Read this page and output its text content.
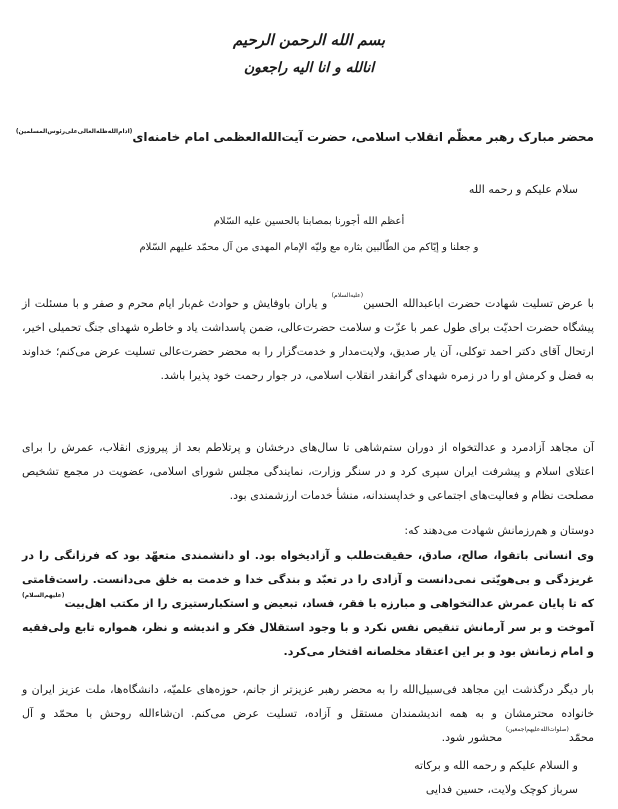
بسم الله الرحمن الرحیم
انالله و انا الیه راجعون
محضر مبارک رهبر معظّم انقلاب اسلامی، حضرت آیت‌الله‌العظمی امام خامنه‌ای$^{(ادام‌الله‌ظله‌العالی‌علی‌رئوس‌المسلمین)}$
سلام علیکم و رحمه الله
أعظم الله أجورنا بمصابنا بالحسین علیه السّلام
و جعلنا و إیّاکم من الطّالبین بثاره مع ولیّه الإمام المهدی من آل محمّد علیهم السّلام
با عرض تسلیت شهادت حضرت اباعبدالله الحسین$^{(علیه‌السلام)}$ و یاران باوفایش و حوادث غم‌بار ایام محرم و صفر و با مسئلت از پیشگاه حضرت احدیّت برای طول عمر با عزّت و سلامت حضرت‌عالی، ضمن پاسداشت یاد و خاطره شهدای جنگ تحمیلی اخیر، ارتحال آقای دکتر احمد توکلی، آن یار صدیق، ولایت‌مدار و خدمت‌گزار را به محضر حضرت‌عالی تسلیت عرض می‌کنم؛ خداوند به فضل و کرمش او را در زمره شهدای گرانقدر انقلاب اسلامی، در جوار رحمت خود پذیرا باشد.
آن مجاهد آزادمرد و عدالتخواه از دوران ستم‌شاهی تا سال‌های درخشان و پرتلاطم بعد از پیروزی انقلاب، عمرش را برای اعتلای اسلام و پیشرفت ایران سپری کرد و در سنگر وزارت، نمایندگی مجلس شورای اسلامی، عضویت در مجمع تشخیص مصلحت نظام و فعالیت‌های اجتماعی و خداپسندانه، منشأ خدمات ارزشمندی بود.
دوستان و هم‌رزمانش شهادت می‌دهند که:
وی انسانی باتقوا، صالح، صادق، حقیقت‌طلب و آزادیخواه بود. او دانشمندی متعهّد بود که فرزانگی را در غریزدگی و بی‌هویّتی نمی‌دانست و آزادی را در تعبّد و بندگی خدا و خدمت به خلق می‌دانست. راست‌قامتی که تا پایان عمرش عدالتخواهی و مبارزه با فقر، فساد، تبعیض و استکبارستیزی را از مکتب اهل‌بیت$^{(علیهم‌السلام)}$ آموخت و بر سر آرمانش تنقیص نفس نکرد و با وجود استقلال فکر و اندیشه و نظر، همواره تابع ولی‌فقیه و امام زمانش بود و بر این اعتقاد مخلصانه افتخار می‌کرد.
بار دیگر درگذشت این مجاهد فی‌سبیل‌الله را به محضر رهبر عزیزتر از جانم، حوزه‌های علمیّه، دانشگاه‌ها، ملت عزیز ایران و خانواده محترمشان و به همه اندیشمندان مستقل و آزاده، تسلیت عرض می‌کنم. ان‌شاءالله روحش با محمّد و آل محمّد$^{(صلوات‌الله‌علیهم‌اجمعین)}$ محشور شود.
و السلام علیکم و رحمه الله و برکاته
سرباز کوچک ولایت، حسین فدایی
